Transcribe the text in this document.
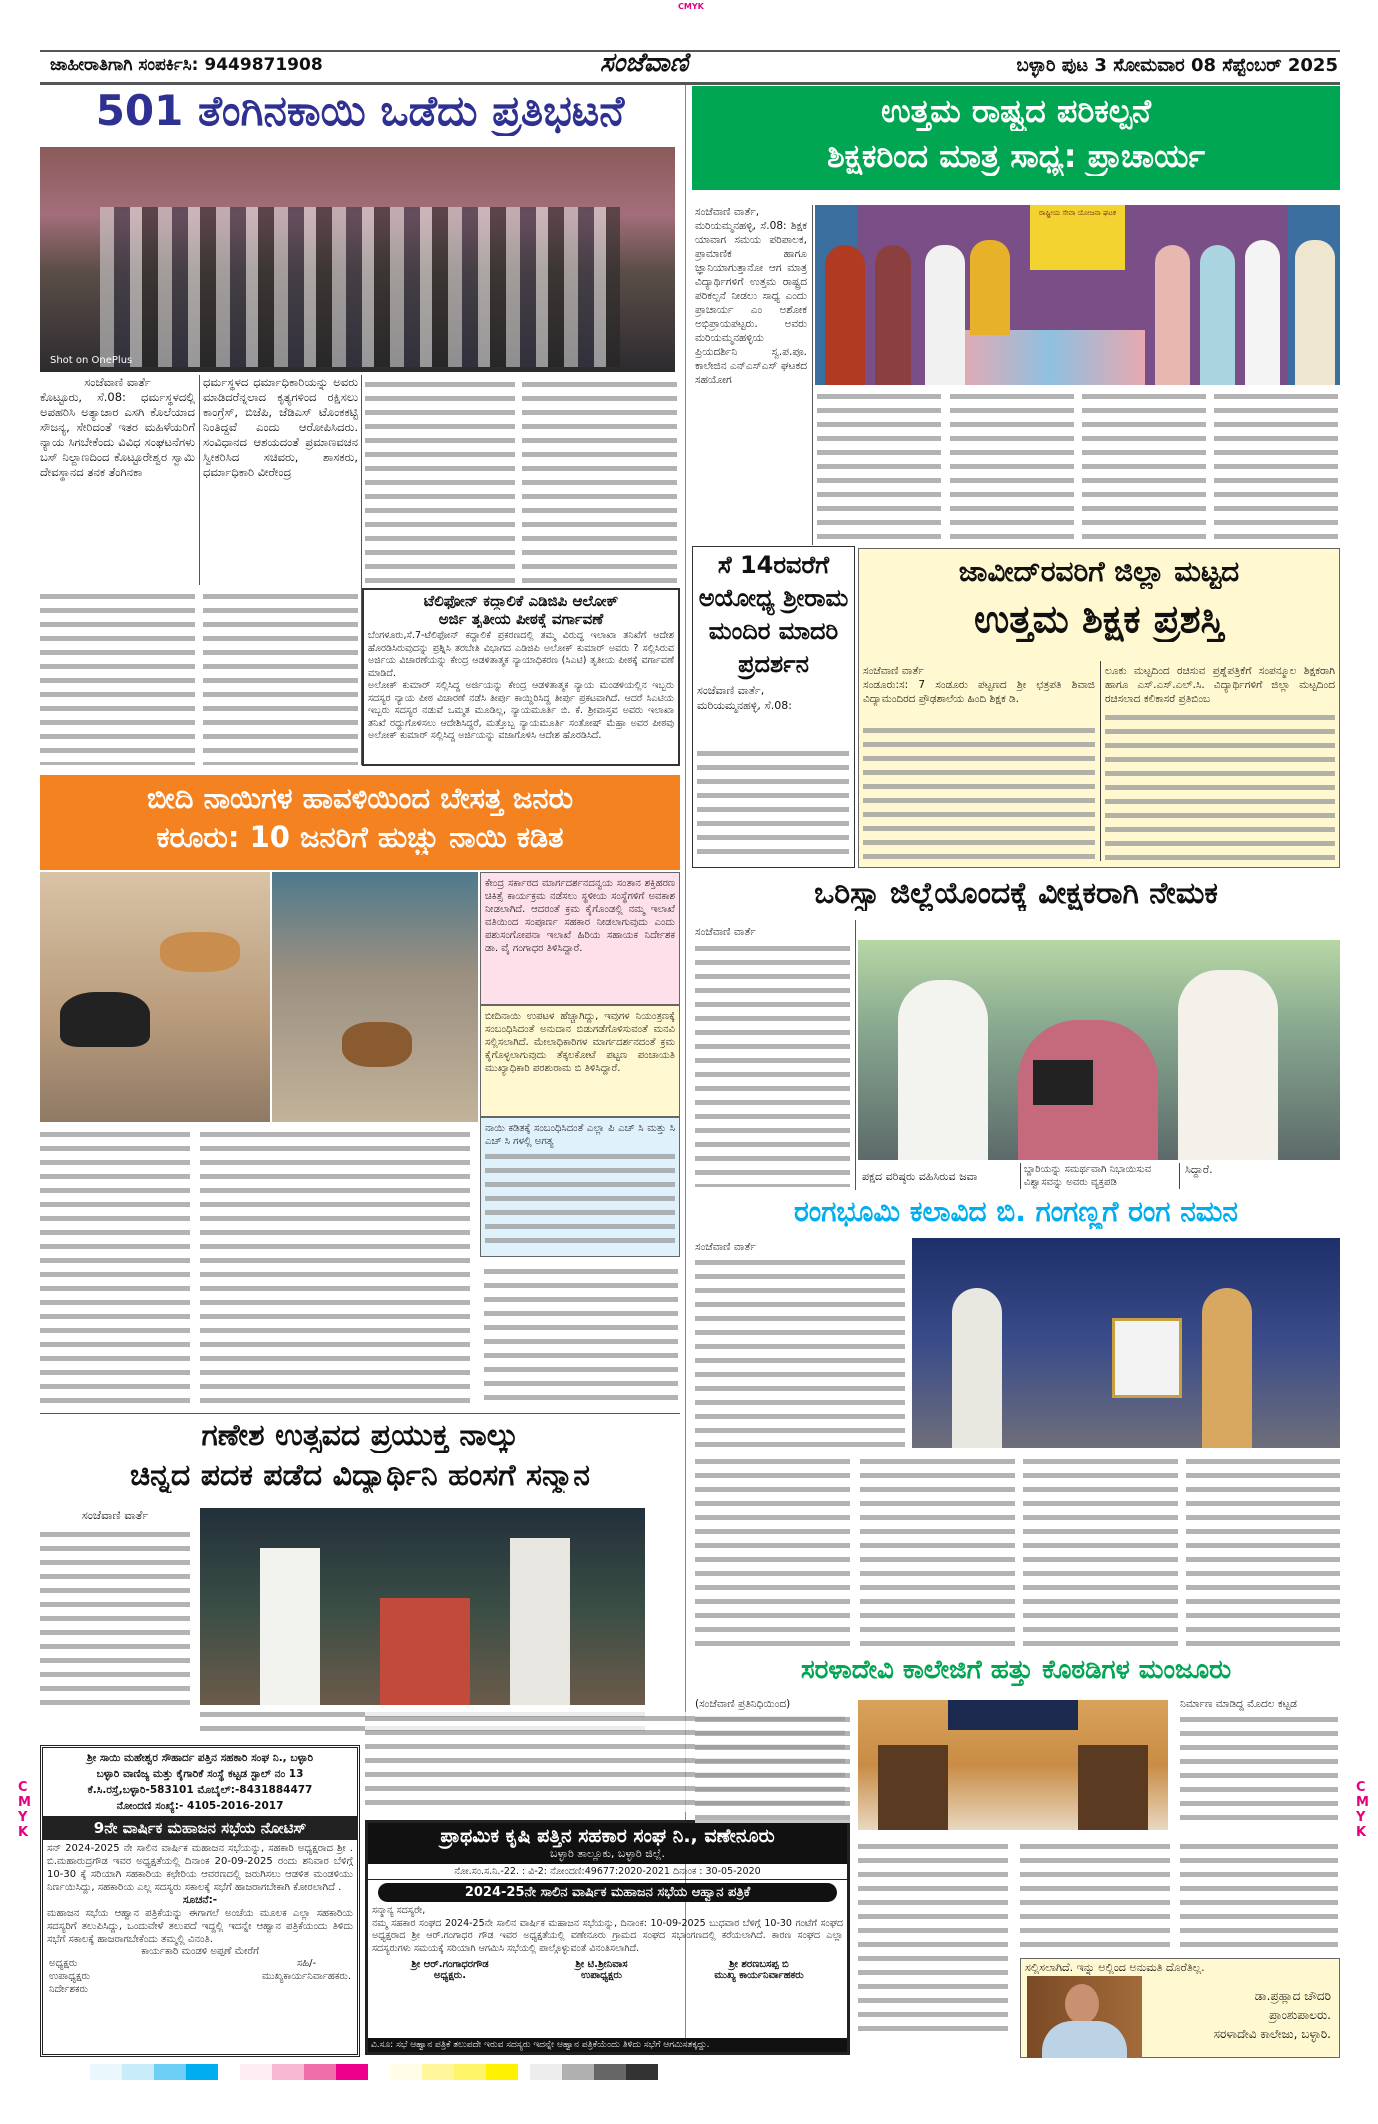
CMYK
CMYK
CMYK
ಜಾಹೀರಾತಿಗಾಗಿ ಸಂಪರ್ಕಿಸಿ: 9449871908	ಸಂಜೆವಾಣಿ	ಬಳ್ಳಾರಿ ಪುಟ 3 ಸೋಮವಾರ 08 ಸೆಪ್ಟೆಂಬರ್ 2025
501 ತೆಂಗಿನಕಾಯಿ ಒಡೆದು ಪ್ರತಿಭಟನೆ
Shot on OnePlus
ಸಂಜೆವಾಣಿ ವಾರ್ತೆ
ಕೊಟ್ಟೂರು, ಸೆ.08: ಧರ್ಮಸ್ಥಳದಲ್ಲಿ ಅಪಹರಿಸಿ ಅತ್ಯಾಚಾರ ಎಸಗಿ ಕೊಲೆಯಾದ ಸೌಜನ್ಯ, ಸೇರಿದಂತೆ ಇತರ ಮಹಿಳೆಯರಿಗೆ ನ್ಯಾಯ ಸಿಗಬೇಕೆಂದು ವಿವಿಧ ಸಂಘಟನೆಗಳು ಬಸ್ ನಿಲ್ದಾಣದಿಂದ ಕೊಟ್ಟೂರೇಶ್ವರ ಸ್ವಾಮಿ ದೇವಸ್ಥಾನದ ತನಕ ತೆಂಗಿನಕಾ
ಧರ್ಮಸ್ಥಳದ ಧರ್ಮಾಧಿಕಾರಿಯನ್ನು ಅವರು ಮಾಡಿದರೆನ್ನಲಾದ ಕೃತ್ಯಗಳಿಂದ ರಕ್ಷಿಸಲು ಕಾಂಗ್ರೆಸ್, ಬಿಜೆಪಿ, ಜೆಡಿಎಸ್ ಟೊಂಕಕಟ್ಟಿ ನಿಂತಿದ್ದವೆ ಎಂದು ಆರೋಪಿಸಿದರು. ಸಂವಿಧಾನದ ಆಶಯದಂತೆ ಪ್ರಮಾಣವಚನ ಸ್ವೀಕರಿಸಿದ ಸಚಿವರು, ಶಾಸಕರು, ಧರ್ಮಾಧಿಕಾರಿ ವೀರೇಂದ್ರ
ಟೆಲಿಫೋನ್ ಕದ್ದಾಲಿಕೆ ಎಡಿಜಿಪಿ ಆಲೋಕ್
ಅರ್ಜಿ ತೃತೀಯ ಪೀಠಕ್ಕೆ ವರ್ಗಾವಣೆ
ಬೆಂಗಳೂರು,ಸೆ.7-ಟೆಲಿಫೋನ್ ಕದ್ದಾಲಿಕೆ ಪ್ರಕರಣದಲ್ಲಿ ತಮ್ಮ ವಿರುದ್ಧ ಇಲಾಖಾ ತನಿಖೆಗೆ ಆದೇಶ ಹೊರಡಿಸಿರುವುದನ್ನು ಪ್ರಶ್ನಿಸಿ ತರಬೇತಿ ವಿಭಾಗದ ಎಡಿಜಿಪಿ ಅಲೋಕ್ ಕುಮಾರ್ ಅವರು ? ಸಲ್ಲಿಸಿರುವ ಅರ್ಜಿಯ ವಿಚಾರಣೆಯನ್ನು ಕೇಂದ್ರ ಆಡಳಿತಾತ್ಮಕ ನ್ಯಾಯಾಧಿಕರಣ (ಸಿಎಟಿ) ತೃತೀಯ ಪೀಠಕ್ಕೆ ವರ್ಗಾವಣೆ ಮಾಡಿದೆ.
ಅಲೋಕ್ ಕುಮಾರ್ ಸಲ್ಲಿಸಿದ್ದ ಅರ್ಜಿಯನ್ನು ಕೇಂದ್ರ ಆಡಳಿತಾತ್ಮಕ ನ್ಯಾಯ ಮಂಡಳಿಯಲ್ಲಿನ ಇಬ್ಬರು ಸದಸ್ಯರ ನ್ಯಾಯ ಪೀಠ ವಿಚಾರಣೆ ನಡೆಸಿ ತೀರ್ಪು ಕಾಯ್ದಿರಿಸಿದ್ದ ತೀರ್ಪು ಪ್ರಕಟವಾಗಿದೆ. ಆದರೆ ಸಿಎಟಿಯ ಇಬ್ಬರು ಸದಸ್ಯರ ನಡುವೆ ಒಮ್ಮತ ಮೂಡಿಲ್ಲ, ನ್ಯಾಯಮೂರ್ತಿ ಬಿ. ಕೆ. ಶ್ರೀವಾಸ್ತವ ಅವರು ಇಲಾಖಾ ತನಿಖೆ ರದ್ದುಗೊಳಿಸಲು ಆದೇಶಿಸಿದ್ದರೆ, ಮತ್ತೊಬ್ಬ ನ್ಯಾಯಮೂರ್ತಿ ಸಂತೋಷ್ ಮೆಹ್ರಾ ಅವರ ಪೀಠವು ಅಲೋಕ್ ಕುಮಾರ್ ಸಲ್ಲಿಸಿದ್ದ ಅರ್ಜಿಯನ್ನು ವಜಾಗೊಳಿಸಿ ಆದೇಶ ಹೊರಡಿಸಿದೆ.
ಬೀದಿ ನಾಯಿಗಳ ಹಾವಳಿಯಿಂದ ಬೇಸತ್ತ ಜನರು
ಕರೂರು: 10 ಜನರಿಗೆ ಹುಚ್ಚು ನಾಯಿ ಕಡಿತ
ಕೇಂದ್ರ ಸರ್ಕಾರದ ಮಾರ್ಗದರ್ಶನದನ್ವಯ ಸಂತಾನ ಶಕ್ತಿಹರಣ ಚಿಕಿತ್ಸೆ ಕಾರ್ಯಕ್ರಮ ನಡೆಸಲು ಸ್ಥಳೀಯ ಸಂಸ್ಥೆಗಳಿಗೆ ಅವಕಾಶ ನೀಡಲಾಗಿದೆ. ಆದರಂತೆ ಕ್ರಮ ಕೈಗೊಂಡಲ್ಲಿ ನಮ್ಮ ಇಲಾಖೆ ವತಿಯಿಂದ ಸಂಪೂರ್ಣ ಸಹಕಾರ ನೀಡಲಾಗುವುದು ಎಂದು ಪಶುಸಂಗೋಪನಾ ಇಲಾಖೆ ಹಿರಿಯ ಸಹಾಯಕ ನಿರ್ದೇಶಕ ಡಾ. ವೈ ಗಂಗಾಧರ ತಿಳಿಸಿದ್ದಾರೆ.
ಬೀದಿನಾಯಿ ಉಪಟಳ ಹೆಚ್ಚಾಗಿದ್ದು, ಇವುಗಳ ನಿಯಂತ್ರಣಕ್ಕೆ ಸಂಬಂಧಿಸಿದಂತೆ ಅನುದಾನ ಬಿಡುಗಡೆಗೊಳಿಸುವಂತೆ ಮನವಿ ಸಲ್ಲಿಸಲಾಗಿದೆ. ಮೇಲಾಧಿಕಾರಿಗಳ ಮಾರ್ಗದರ್ಶನದಂತೆ ಕ್ರಮ ಕೈಗೊಳ್ಳಲಾಗುವುದು ತೆಕ್ಕಲಕೋಟೆ ಪಟ್ಟಣ ಪಂಚಾಯತಿ ಮುಖ್ಯಾಧಿಕಾರಿ ಪರಶುರಾಮ ಬಿ ತಿಳಿಸಿದ್ದಾರೆ.
ನಾಯಿ ಕಡಿತಕ್ಕೆ ಸಂಬಂಧಿಸಿದಂತೆ ಎಲ್ಲಾ ಪಿ ಎಚ್ ಸಿ ಮತ್ತು ಸಿ ಎಚ್ ಸಿ ಗಳಲ್ಲಿ ಅಗತ್ಯ
ಗಣೇಶ ಉತ್ಸವದ ಪ್ರಯುಕ್ತ ನಾಲ್ಕು
ಚಿನ್ನದ ಪದಕ ಪಡೆದ ವಿದ್ಯಾರ್ಥಿನಿ ಹಂಸಗೆ ಸನ್ಮಾನ
ಸಂಜೆವಾಣಿ ವಾರ್ತೆ
ಶ್ರೀ ಸಾಯಿ ಮಹೇಶ್ವರ ಸೌಹಾರ್ದ ಪತ್ತಿನ ಸಹಕಾರಿ ಸಂಘ ನಿ., ಬಳ್ಳಾರಿ
ಬಳ್ಳಾರಿ ವಾಣಿಜ್ಯ ಮತ್ತು ಕೈಗಾರಿಕೆ ಸಂಸ್ಥೆ ಕಟ್ಟಡ ಸ್ಟಾಲ್ ನಂ 13
ಕೆ.ಸಿ.ರಸ್ತೆ,ಬಳ್ಳಾರಿ-583101 ಮೊಬೈಲ್:-8431884477
ನೋಂದಣಿ ಸಂಖ್ಯೆ:- 4105-2016-2017
9ನೇ ವಾರ್ಷಿಕ ಮಹಾಜನ ಸಭೆಯ ನೋಟಿಸ್
ಸನ್ 2024-2025 ನೇ ಸಾಲಿನ ವಾರ್ಷಿಕ ಮಹಾಜನ ಸಭೆಯನ್ನು, ಸಹಕಾರಿ ಅಧ್ಯಕ್ಷರಾದ ಶ್ರೀ . ಬಿ.ಮಹಾರುದ್ರಗೌಡ ಇವರ ಅಧ್ಯಕ್ಷತೆಯಲ್ಲಿ ದಿನಾಂಕ 20-09-2025 ರಂದು ಶನಿವಾರ ಬೆಳಿಗ್ಗೆ 10-30 ಕ್ಕೆ ಸರಿಯಾಗಿ ಸಹಕಾರಿಯ ಕಛೇರಿಯ ಆವರಣದಲ್ಲಿ ಜರುಗಿಸಲು ಆಡಳಿತ ಮಂಡಳಿಯು ನಿರ್ಣಯಿಸಿದ್ದು, ಸಹಕಾರಿಯ ಎಲ್ಲ ಸದಸ್ಯರು ಸಕಾಲಕ್ಕೆ ಸಭೆಗೆ ಹಾಜರಾಗಬೇಕಾಗಿ ಕೋರಲಾಗಿದೆ .
ಸೂಚನೆ:-
ಮಹಾಜನ ಸಭೆಯ ಆಹ್ವಾನ ಪತ್ರಿಕೆಯನ್ನು ಈಗಾಗಲೆ ಅಂಚೆಯ ಮೂಲಕ ಎಲ್ಲಾ ಸಹಕಾರಿಯ ಸದಸ್ಯರಿಗೆ ತಲುಪಿಸಿದ್ದು, ಒಂದುವೇಳೆ ತಲುಪದೆ ಇದ್ದಲ್ಲಿ ಇದನ್ನೇ ಆಹ್ವಾನ ಪತ್ರಿಕೆಯಂದು ತಿಳಿದು ಸಭೆಗೆ ಸಕಾಲಕ್ಕೆ ಹಾಜರಾಗಬೇಕೆಂದು ತಮ್ಮಲ್ಲಿ ವಿನಂತಿ.
ಕಾರ್ಯಕಾರಿ ಮಂಡಳಿ ಅಪ್ಪಣೆ ಮೇರೆಗೆ
ಅಧ್ಯಕ್ಷರು
ಉಪಾಧ್ಯಕ್ಷರು
ನಿರ್ದೇಶಕರು
ಸಹಿ/-
ಮುಖ್ಯಕಾರ್ಯನಿರ್ವಾಹಕರು.
ಪ್ರಾಥಮಿಕ ಕೃಷಿ ಪತ್ತಿನ ಸಹಕಾರ ಸಂಘ ನಿ., ವಣೇನೂರು
ಬಳ್ಳಾರಿ ತಾಲ್ಲೂಕು, ಬಳ್ಳಾರಿ ಜಿಲ್ಲೆ.
ನೋ.ಸಂ.ಸ.ನಿ.-22. : ವಿ-2: ನೋಂದಣಿ:49677:2020-2021 ದಿನಾಂಕ : 30-05-2020
2024-25ನೇ ಸಾಲಿನ ವಾರ್ಷಿಕ ಮಹಾಜನ ಸಭೆಯ ಆಹ್ವಾನ ಪತ್ರಿಕೆ
ಸನ್ಮಾನ್ಯ ಸದಸ್ಯರೇ,
ನಮ್ಮ ಸಹಕಾರ ಸಂಘದ 2024-25ನೇ ಸಾಲಿನ ವಾರ್ಷಿಕ ಮಹಾಜನ ಸಭೆಯನ್ನು, ದಿನಾಂಕ: 10-09-2025 ಬುಧವಾರ ಬೆಳಿಗ್ಗೆ 10-30 ಗಂಟೆಗೆ ಸಂಘದ ಅಧ್ಯಕ್ಷರಾದ ಶ್ರೀ ಆರ್.ಗಂಗಾಧರ ಗೌಡ ಇವರ ಅಧ್ಯಕ್ಷತೆಯಲ್ಲಿ ವಣೇನೂರು ಗ್ರಾಮದ ಸಂಘದ ಸಭಾಂಗಣದಲ್ಲಿ ಕರೆಯಲಾಗಿದೆ. ಕಾರಣ ಸಂಘದ ಎಲ್ಲಾ ಸದಸ್ಯರುಗಳು ಸಮಯಕ್ಕೆ ಸರಿಯಾಗಿ ಆಗಮಿಸಿ ಸಭೆಯಲ್ಲಿ ಪಾಲ್ಗೊಳ್ಳುವಂತೆ ವಿನಂತಿಸಲಾಗಿದೆ.
ಶ್ರೀ ಆರ್.ಗಂಗಾಧರಗೌಡ
ಅಧ್ಯಕ್ಷರು.
ಶ್ರೀ ಟಿ.ಶ್ರೀನಿವಾಸ
ಉಪಾಧ್ಯಕ್ಷರು
ಶ್ರೀ ಶರಣಬಸಪ್ಪ ಬಿ
ಮುಖ್ಯ ಕಾರ್ಯನಿರ್ವಾಹಕರು
ವಿ.ಸೂ: ಸಭೆ ಆಹ್ವಾನ ಪತ್ರಿಕೆ ತಲುಪದೇ ಇರುವ ಸದಸ್ಯರು ಇದನ್ನೇ ಆಹ್ವಾನ ಪತ್ರಿಕೆಯೆಂದು ತಿಳಿದು ಸಭೆಗೆ ಆಗಮಿಸತಕ್ಕದ್ದು.
ಉತ್ತಮ ರಾಷ್ಟ್ರದ ಪರಿಕಲ್ಪನೆ
ಶಿಕ್ಷಕರಿಂದ ಮಾತ್ರ ಸಾಧ್ಯ: ಪ್ರಾಚಾರ್ಯ
ಸಂಜೆವಾಣಿ ವಾರ್ತೆ,
ಮರಿಯಮ್ಮನಹಳ್ಳಿ, ಸೆ.08: ಶಿಕ್ಷಕ ಯಾವಾಗ ಸಮಯ ಪರಿಪಾಲಕ, ಪ್ರಾಮಾಣಿಕ ಹಾಗೂ ಜ್ಞಾನಿಯಾಗುತ್ತಾನೋ ಆಗ ಮಾತ್ರ ವಿದ್ಯಾರ್ಥಿಗಳಿಗೆ ಉತ್ತಮ ರಾಷ್ಟ್ರದ ಪರಿಕಲ್ಪನೆ ನೀಡಲು ಸಾಧ್ಯ ಎಂದು ಪ್ರಾಚಾರ್ಯ ಎಂ ಅಶೋಕ ಅಭಿಪ್ರಾಯಪಟ್ಟರು. ಅವರು ಮರಿಯಮ್ಮನಹಳ್ಳಿಯ ಪ್ರಿಯದರ್ಶಿನಿ ಸ್ವ.ಪ.ಪೂ. ಕಾಲೇಜಿನ ಎನ್‌ಎಸ್‌ಎಸ್ ಘಟಕದ ಸಹಯೋಗ
ರಾಷ್ಟ್ರೀಯ ಸೇವಾ ಯೋಜನಾ ಘಟಕ
ಸೆ 14ರವರೆಗೆ ಅಯೋಧ್ಯ ಶ್ರೀರಾಮ ಮಂದಿರ ಮಾದರಿ ಪ್ರದರ್ಶನ
ಸಂಜೆವಾಣಿ ವಾರ್ತೆ,
ಮರಿಯಮ್ಮನಹಳ್ಳಿ, ಸೆ.08:
ಜಾವೀದ್‌ರವರಿಗೆ ಜಿಲ್ಲಾ ಮಟ್ಟದ
ಉತ್ತಮ ಶಿಕ್ಷಕ ಪ್ರಶಸ್ತಿ
ಸಂಜೆವಾಣಿ ವಾರ್ತೆ
ಸಂಡೂರು:ಸ: 7 ಸಂಡೂರು ಪಟ್ಟಣದ ಶ್ರೀ ಛತ್ರಪತಿ ಶಿವಾಜಿ ವಿದ್ಯಾಮಂದಿರದ ಪ್ರೌಢಶಾಲೆಯ ಹಿಂದಿ ಶಿಕ್ಷಕ ಡಿ.
ಲೂಕು ಮಟ್ಟದಿಂದ ರಚಿಸುವ ಪ್ರಶ್ನೆಪತ್ರಿಕೆಗೆ ಸಂಪನ್ಮೂಲ ಶಿಕ್ಷಕರಾಗಿ ಹಾಗೂ ಎಸ್.ಎಸ್.ಎಲ್.ಸಿ. ವಿದ್ಯಾರ್ಥಿಗಳಿಗೆ ಜಿಲ್ಲಾ ಮಟ್ಟದಿಂದ ರಚಿಸಲಾದ ಕಲಿಕಾಸರೆ ಪ್ರತಿಬಿಂಬ
ಒರಿಸ್ಸಾ ಜಿಲ್ಲೆಯೊಂದಕ್ಕೆ ವೀಕ್ಷಕರಾಗಿ ನೇಮಕ
ಸಂಜೆವಾಣಿ ವಾರ್ತೆ
ಪಕ್ಷದ ವರಿಷ್ಠರು ವಹಿಸಿರುವ ಜವಾ
ಬ್ದಾರಿಯನ್ನು ಸಮರ್ಥವಾಗಿ ನಿಭಾಯಿಸುವ ವಿಶ್ವಾಸವನ್ನು ಅವರು ವ್ಯಕ್ತಪಡಿ
ಸಿದ್ದಾರೆ.
ರಂಗಭೂಮಿ ಕಲಾವಿದ ಬಿ. ಗಂಗಣ್ಣಗೆ ರಂಗ ನಮನ
ಸಂಜೆವಾಣಿ ವಾರ್ತೆ
ಸರಳಾದೇವಿ ಕಾಲೇಜಿಗೆ ಹತ್ತು ಕೊಠಡಿಗಳ ಮಂಜೂರು
(ಸಂಜೆವಾಣಿ ಪ್ರತಿನಿಧಿಯಿಂದ)	ನಿರ್ಮಾಣ ಮಾಡಿದ್ದ ಮೊದಲ ಕಟ್ಟಡ
ಸಲ್ಲಿಸಲಾಗಿದೆ. ಇನ್ನು ಅಲ್ಲಿಂದ ಅನುಮತಿ ದೊರೆತಿಲ್ಲ.
ಡಾ.ಪ್ರಹ್ಲಾದ ಚೌದರಿ
ಪ್ರಾಂಶುಪಾಲರು.
ಸರಳಾದೇವಿ ಕಾಲೇಜು, ಬಳ್ಳಾರಿ.
